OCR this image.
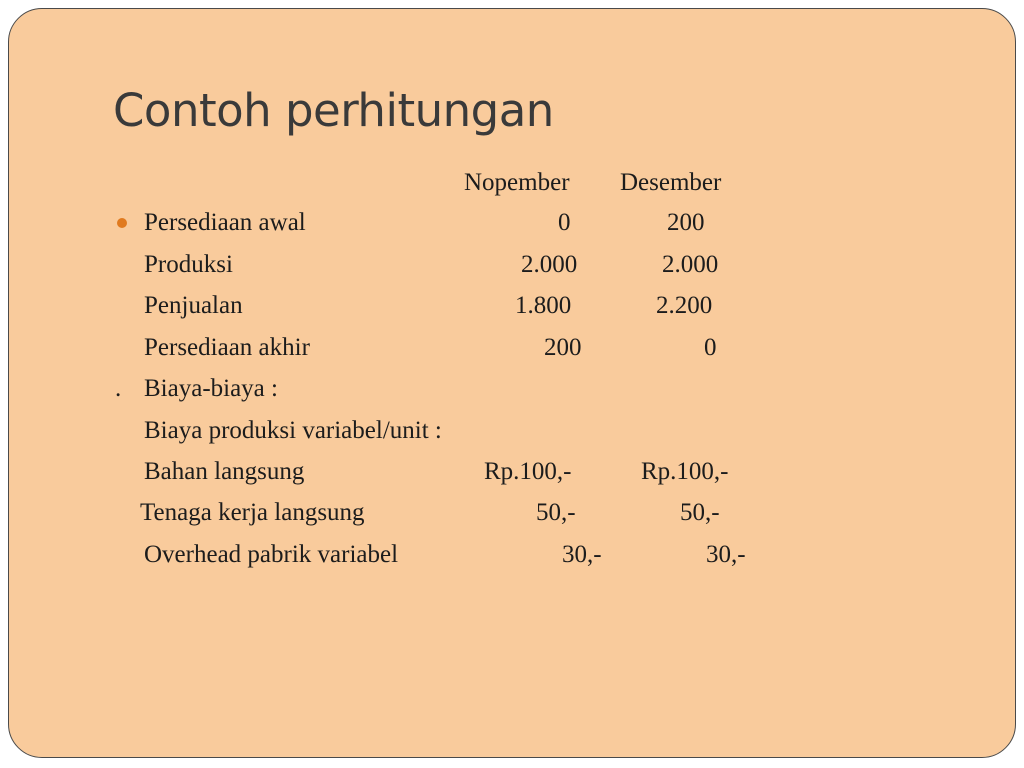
Contoh perhitungan
Nopember Desember
Persediaan awal	0	200
Produksi	2.000	2.000
Penjualan	1.800	2.200
Persediaan akhir	200	0
. Biaya-biaya :
Biaya produksi variabel/unit :
Bahan langsung	Rp.100,-	Rp.100,-
Tenaga kerja langsung	50,-	50,-
Overhead pabrik variabel	30,-	30,-
